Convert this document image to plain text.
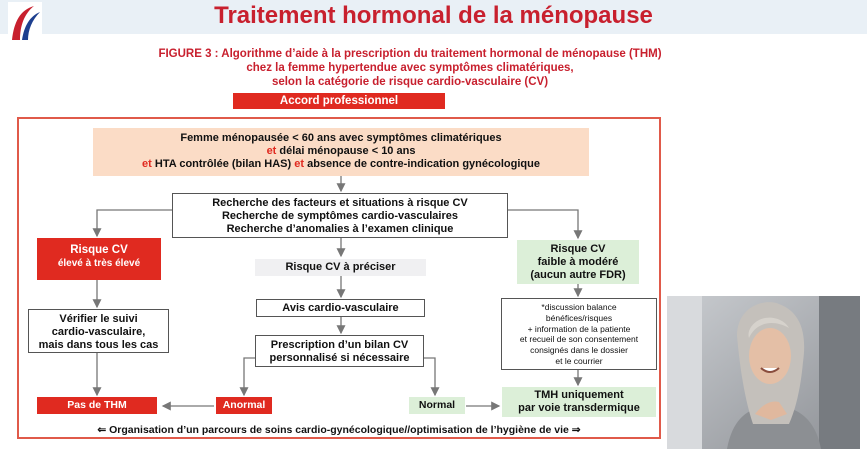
Traitement hormonal de la ménopause
FIGURE 3 : Algorithme d’aide à la prescription du traitement hormonal de ménopause (THM)
chez la femme hypertendue avec symptômes climatériques,
selon la catégorie de risque cardio-vasculaire (CV)
Accord professionnel
Femme ménopausée < 60 ans avec symptômes climatériques
et délai ménopause < 10 ans
et HTA contrôlée (bilan HAS) et absence de contre-indication gynécologique
Recherche des facteurs et situations à risque CV
Recherche de symptômes cardio-vasculaires
Recherche d’anomalies à l’examen clinique
Risque CV
élevé à très élevé	Risque CV à préciser
Risque CV
faible à modéré
(aucun autre FDR)
Vérifier le suivi
cardio-vasculaire,
mais dans tous les cas
Avis cardio-vasculaire	*discussion balance
bénéfices/risques
+ information de la patiente
et recueil de son consentement
consignés dans le dossier
et le courrier
Prescription d’un bilan CV
personnalisé si nécessaire
Pas de THM	Anormal	Normal
TMH uniquement
par voie transdermique
⇐ Organisation d’un parcours de soins cardio-gynécologique//optimisation de l’hygiène de vie ⇒
